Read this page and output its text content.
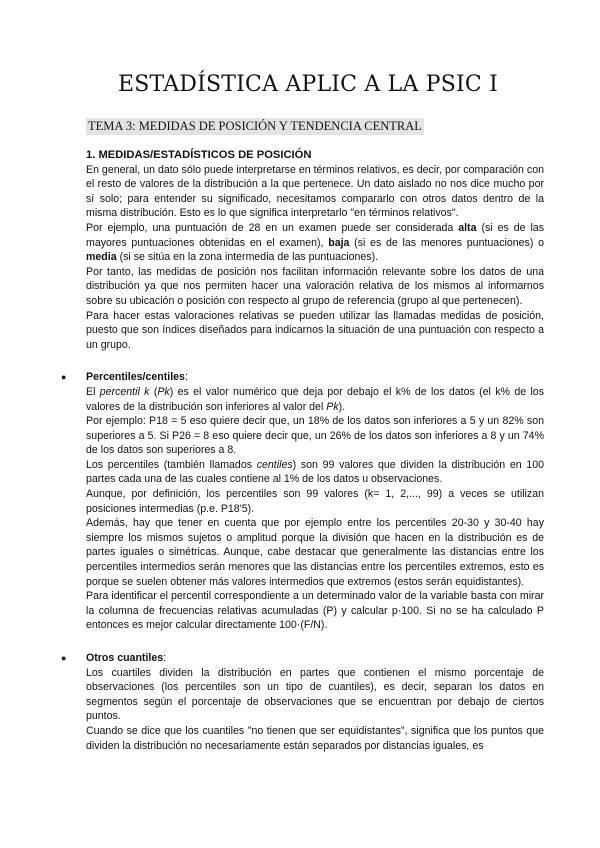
ESTADÍSTICA APLIC A LA PSIC I
TEMA 3: MEDIDAS DE POSICIÓN Y TENDENCIA CENTRAL
1. MEDIDAS/ESTADÍSTICOS DE POSICIÓN

En general, un dato sólo puede interpretarse en términos relativos, es decir, por comparación con el resto de valores de la distribución a la que pertenece. Un dato aislado no nos dice mucho por sí solo; para entender su significado, necesitamos compararlo con otros datos dentro de la misma distribución. Esto es lo que significa interpretarlo "en términos relativos".

Por ejemplo, una puntuación de 28 en un examen puede ser considerada alta (si es de las mayores puntuaciones obtenidas en el examen), baja (si es de las menores puntuaciones) o media (si se sitúa en la zona intermedia de las puntuaciones).

Por tanto, las medidas de posición nos facilitan información relevante sobre los datos de una distribución ya que nos permiten hacer una valoración relativa de los mismos al informarnos sobre su ubicación o posición con respecto al grupo de referencia (grupo al que pertenecen).

Para hacer estas valoraciones relativas se pueden utilizar las llamadas medidas de posición, puesto que son índices diseñados para indicarnos la situación de una puntuación con respecto a un grupo.

● Percentiles/centiles:

El percentil k (Pk) es el valor numérico que deja por debajo el k% de los datos (el k% de los valores de la distribución son inferiores al valor del Pk).

Por ejemplo: P18 = 5 eso quiere decir que, un 18% de los datos son inferiores a 5 y un 82% son superiores a 5. Si P26 = 8 eso quiere decir que, un 26% de los datos son inferiores a 8 y un 74% de los datos son superiores a 8.

Los percentiles (también llamados centiles) son 99 valores que dividen la distribución en 100 partes cada una de las cuales contiene al 1% de los datos u observaciones.

Aunque, por definición, los percentiles son 99 valores (k= 1, 2,..., 99) a veces se utilizan posiciones intermedias (p.e. P18'5).

Además, hay que tener en cuenta que por ejemplo entre los percentiles 20-30 y 30-40 hay siempre los mismos sujetos o amplitud porque la división que hacen en la distribución es de partes iguales o simétricas. Aunque, cabe destacar que generalmente las distancias entre los percentiles intermedios serán menores que las distancias entre los percentiles extremos, esto es porque se suelen obtener más valores intermedios que extremos (estos serán equidistantes).

Para identificar el percentil correspondiente a un determinado valor de la variable basta con mirar la columna de frecuencias relativas acumuladas (P) y calcular p·100. Si no se ha calculado P entonces es mejor calcular directamente 100·(F/N).

● Otros cuantiles:

Los cuartiles dividen la distribución en partes que contienen el mismo porcentaje de observaciones (los percentiles son un tipo de cuantiles), es decir, separan los datos en segmentos según el porcentaje de observaciones que se encuentran por debajo de ciertos puntos.

Cuando se dice que los cuantiles "no tienen que ser equidistantes", significa que los puntos que dividen la distribución no necesariamente están separados por distancias iguales, es
